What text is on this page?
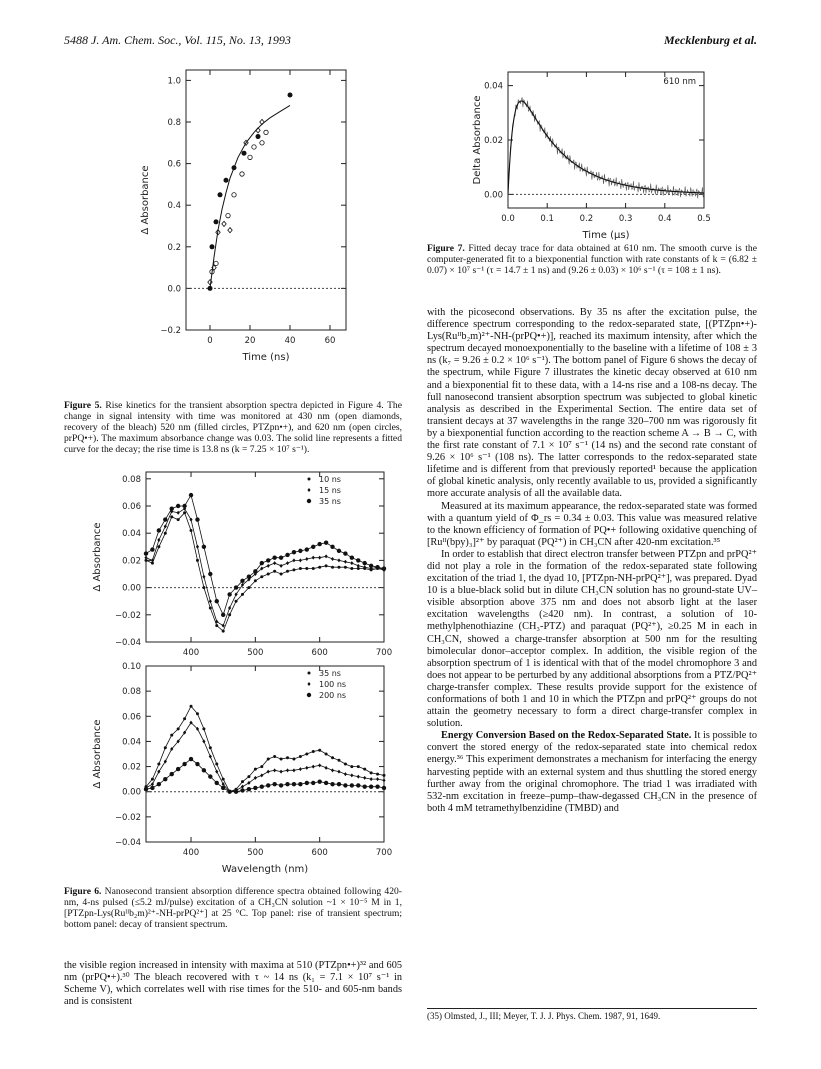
5488 J. Am. Chem. Soc., Vol. 115, No. 13, 1993	Mecklenburg et al.
−0.2
0.0
0.2
0.4
0.6
0.8
1.0
0	20	40	60
Δ Absorbance
Time (ns)
Figure 5. Rise kinetics for the transient absorption spectra depicted in Figure 4. The change in signal intensity with time was monitored at 430 nm (open diamonds, recovery of the bleach) 520 nm (filled circles, PTZpn•+), and 620 nm (open circles, prPQ•+). The maximum absorbance change was 0.03. The solid line represents a fitted curve for the decay; the rise time is 13.8 ns (k = 7.25 × 10⁷ s⁻¹).
−0.04
−0.02
0.00
0.02
0.04
0.06
0.08
400	500	600	700
Δ Absorbance
10 ns
15 ns
35 ns
−0.04
−0.02
0.00
0.02
0.04
0.06
0.08
0.10
400	500	600	700
Δ Absorbance
Wavelength (nm)
35 ns
100 ns
200 ns
Figure 6. Nanosecond transient absorption difference spectra obtained following 420-nm, 4-ns pulsed (≤5.2 mJ/pulse) excitation of a CH₃CN solution ~1 × 10⁻⁵ M in 1, [PTZpn-Lys(Ruᴵᴵb₂m)²⁺-NH-prPQ²⁺] at 25 °C. Top panel: rise of transient spectrum; bottom panel: decay of transient spectrum.

the visible region increased in intensity with maxima at 510 (PTZpn•+)³² and 605 nm (prPQ•+).³⁰ The bleach recovered with τ ~ 14 ns (k₁ = 7.1 × 10⁷ s⁻¹ in Scheme V), which correlates well with rise times for the 510- and 605-nm bands and is consistent

0.00
0.02
0.04
0.0	0.1	0.2	0.3	0.4	0.5
Delta Absorbance
Time (μs)
610 nm
Figure 7. Fitted decay trace for data obtained at 610 nm. The smooth curve is the computer-generated fit to a biexponential function with rate constants of k = (6.82 ± 0.07) × 10⁷ s⁻¹ (τ = 14.7 ± 1 ns) and (9.26 ± 0.03) × 10⁶ s⁻¹ (τ = 108 ± 1 ns).

with the picosecond observations. By 35 ns after the excitation pulse, the difference spectrum corresponding to the redox-separated state, [(PTZpn•+)-Lys(Ruᴵᴵb₂m)²⁺-NH-(prPQ•+)], reached its maximum intensity, after which the spectrum decayed monoexponentially to the baseline with a lifetime of 108 ± 3 ns (k₇ = 9.26 ± 0.2 × 10⁶ s⁻¹). The bottom panel of Figure 6 shows the decay of the spectrum, while Figure 7 illustrates the kinetic decay observed at 610 nm and a biexponential fit to these data, with a 14-ns rise and a 108-ns decay. The full nanosecond transient absorption spectrum was subjected to global kinetic analysis as described in the Experimental Section. The entire data set of transient decays at 37 wavelengths in the range 320–700 nm was rigorously fit by a biexponential function according to the reaction scheme A → B → C, with the first rate constant of 7.1 × 10⁷ s⁻¹ (14 ns) and the second rate constant of 9.26 × 10⁶ s⁻¹ (108 ns). The latter corresponds to the redox-separated state lifetime and is different from that previously reported¹ because the application of global kinetic analysis, only recently available to us, provided a significantly more accurate analysis of all the available data.

Measured at its maximum appearance, the redox-separated state was formed with a quantum yield of Φ_rs = 0.34 ± 0.03. This value was measured relative to the known efficiency of formation of PQ•+ following oxidative quenching of [Ruᴵᴵ(bpy)₃]²⁺ by paraquat (PQ²⁺) in CH₃CN after 420-nm excitation.³⁵

In order to establish that direct electron transfer between PTZpn and prPQ²⁺ did not play a role in the formation of the redox-separated state following excitation of the triad 1, the dyad 10, [PTZpn-NH-prPQ²⁺], was prepared. Dyad 10 is a blue-black solid but in dilute CH₃CN solution has no ground-state UV–visible absorption above 375 nm and does not absorb light at the laser excitation wavelengths (≥420 nm). In contrast, a solution of 10-methylphenothiazine (CH₃-PTZ) and paraquat (PQ²⁺), ≥0.25 M in each in CH₃CN, showed a charge-transfer absorption at 500 nm for the resulting bimolecular donor–acceptor complex. In addition, the visible region of the absorption spectrum of 1 is identical with that of the model chromophore 3 and does not appear to be perturbed by any additional absorptions from a PTZ/PQ²⁺ charge-transfer complex. These results provide support for the existence of conformations of both 1 and 10 in which the PTZpn and prPQ²⁺ groups do not attain the geometry necessary to form a direct charge-transfer complex in solution.

Energy Conversion Based on the Redox-Separated State. It is possible to convert the stored energy of the redox-separated state into chemical redox energy.³⁶ This experiment demonstrates a mechanism for interfacing the energy harvesting peptide with an external system and thus shuttling the stored energy further away from the original chromophore. The triad 1 was irradiated with 532-nm excitation in freeze–pump–thaw-degassed CH₃CN in the presence of both 4 mM tetramethylbenzidine (TMBD) and

(35) Olmsted, J., III; Meyer, T. J. J. Phys. Chem. 1987, 91, 1649.
